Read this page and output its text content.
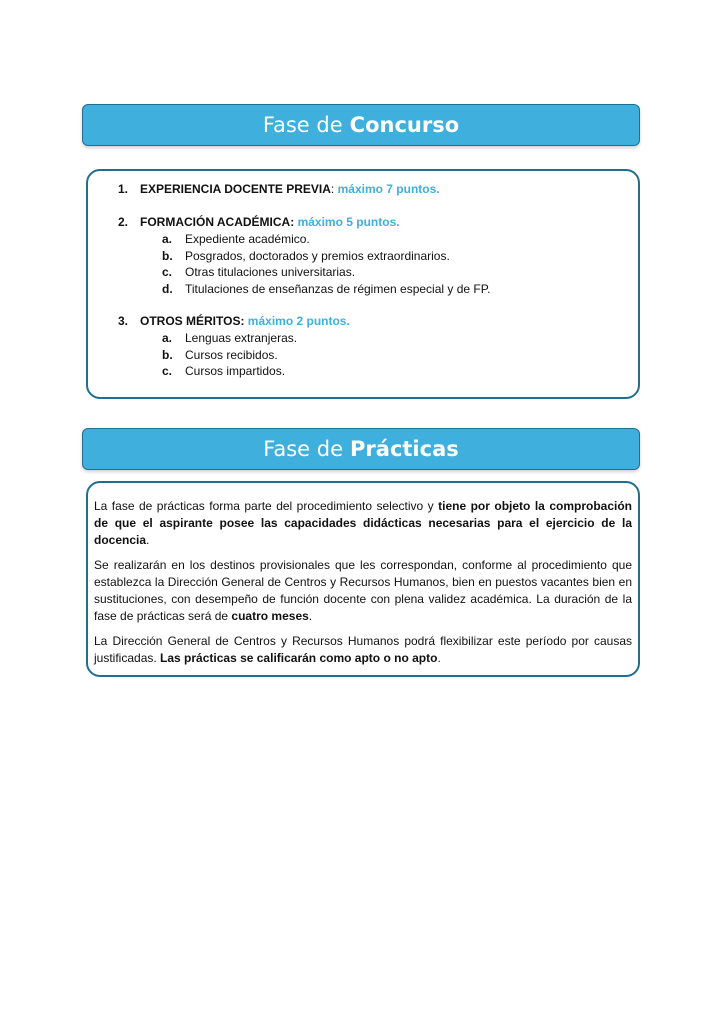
Fase de Concurso
1. EXPERIENCIA DOCENTE PREVIA: máximo 7 puntos.
2. FORMACIÓN ACADÉMICA: máximo 5 puntos.
a. Expediente académico.
b. Posgrados, doctorados y premios extraordinarios.
c. Otras titulaciones universitarias.
d. Titulaciones de enseñanzas de régimen especial y de FP.
3. OTROS MÉRITOS: máximo 2 puntos.
a. Lenguas extranjeras.
b. Cursos recibidos.
c. Cursos impartidos.
Fase de Prácticas

La fase de prácticas forma parte del procedimiento selectivo y tiene por objeto la comprobación de que el aspirante posee las capacidades didácticas necesarias para el ejercicio de la docencia.

Se realizarán en los destinos provisionales que les correspondan, conforme al procedimiento que establezca la Dirección General de Centros y Recursos Humanos, bien en puestos vacantes bien en sustituciones, con desempeño de función docente con plena validez académica. La duración de la fase de prácticas será de cuatro meses.

La Dirección General de Centros y Recursos Humanos podrá flexibilizar este período por causas justificadas. Las prácticas se calificarán como apto o no apto.
